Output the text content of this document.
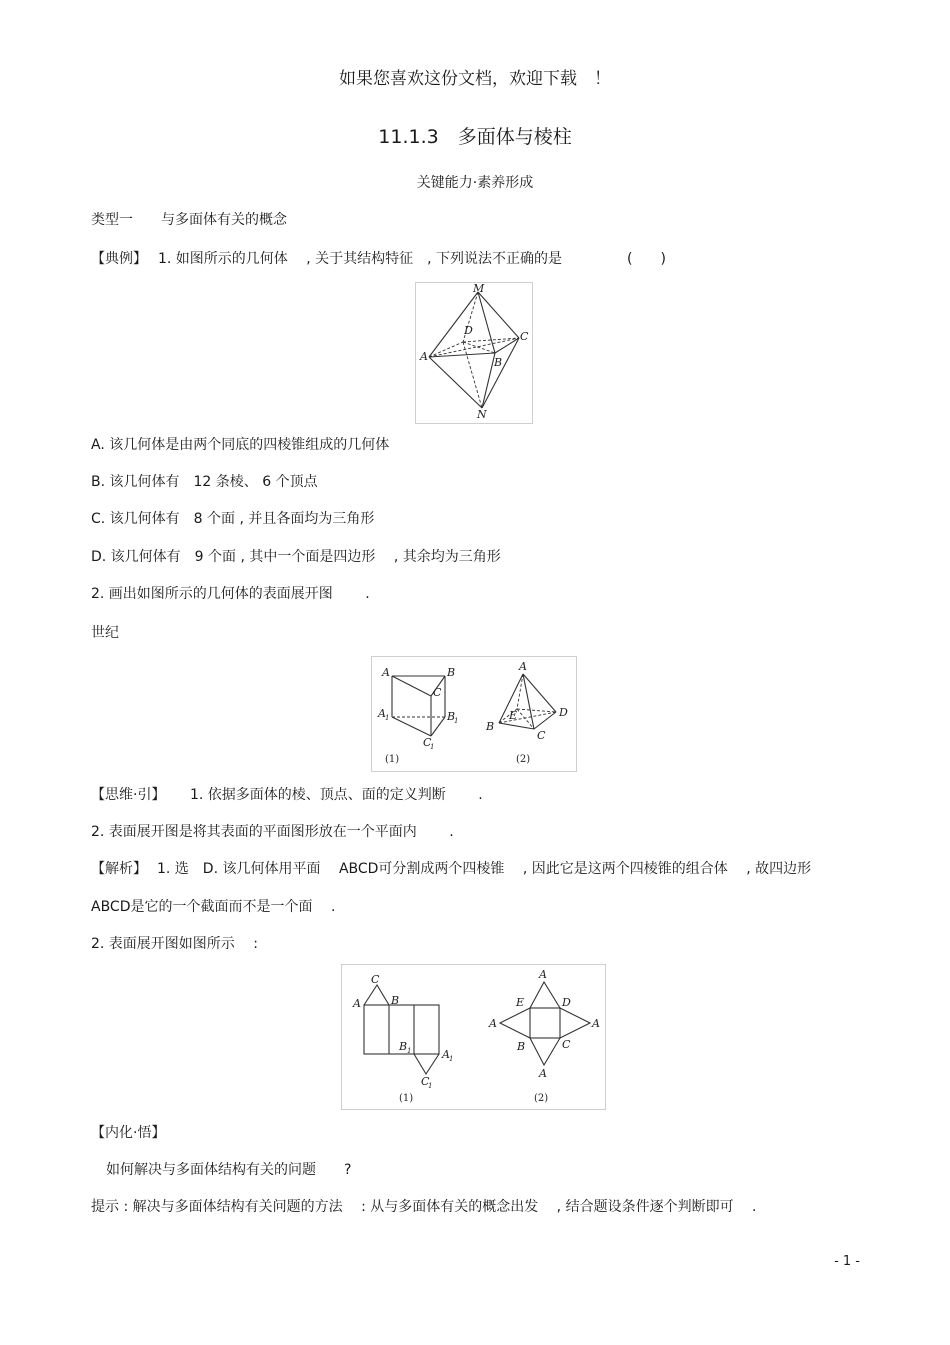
如果您喜欢这份文档，欢迎下载　！
11.1.3　多面体与棱柱
关键能力·素养形成
类型一　　与多面体有关的概念
【典例】 1. 如图所示的几何体　 , 关于其结构特征　, 下列说法不正确的是	(　　)
M
A	B
C
D
N
A. 该几何体是由两个同底的四棱锥组成的几何体
B. 该几何体有　12 条棱、 6 个顶点
C. 该几何体有　8 个面 , 并且各面均为三角形
D. 该几何体有　9 个面 , 其中一个面是四边形　 , 其余均为三角形
2. 画出如图所示的几何体的表面展开图　　 .
世纪
A	B
C
A 1	B
1
C
1
A
B
C
D
E
(1)	(2)
【思维·引】 1. 依据多面体的棱、顶点、面的定义判断　　 .
2. 表面展开图是将其表面的平面图形放在一个平面内　　 .
【解析】 1. 选　D. 该几何体用平面　 ABCD可分割成两个四棱锥　 , 因此它是这两个四棱锥的组合体　 , 故四边形
ABCD是它的一个截面而不是一个面　 .
2. 表面展开图如图所示　 :
C
A	B
B 1	A 1
C
1
A
E	D
A	A
B	C
A
(1)	(2)
【内化·悟】
如何解决与多面体结构有关的问题　　?
提示 : 解决与多面体结构有关问题的方法　 : 从与多面体有关的概念出发　 , 结合题设条件逐个判断即可　 .
- 1 -
